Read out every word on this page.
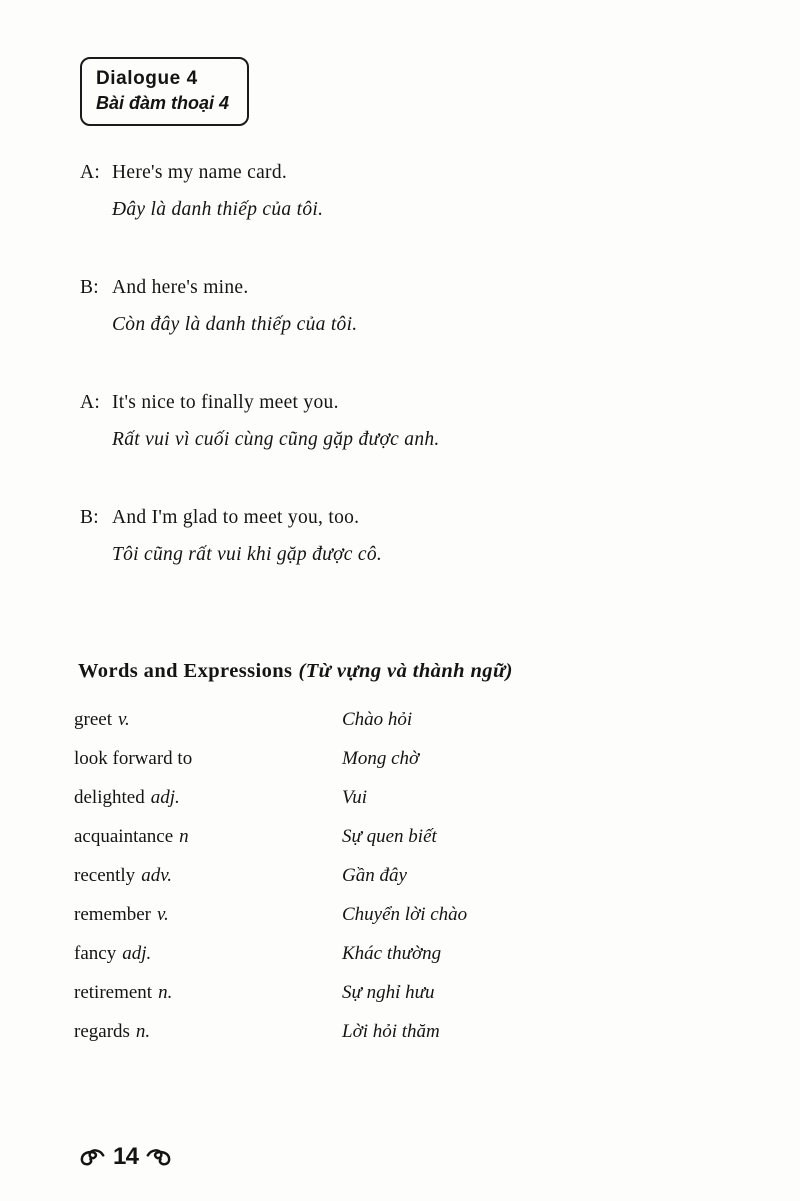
Dialogue 4
Bài đàm thoại 4
A: Here's my name card.
Đây là danh thiếp của tôi.
B: And here's mine.
Còn đây là danh thiếp của tôi.
A: It's nice to finally meet you.
Rất vui vì cuối cùng cũng gặp được anh.
B: And I'm glad to meet you, too.
Tôi cũng rất vui khi gặp được cô.
Words and Expressions (Từ vựng và thành ngữ)
greet v.	Chào hỏi
look forward to	Mong chờ
delighted adj.	Vui
acquaintance n	Sự quen biết
recently adv.	Gần đây
remember v.	Chuyển lời chào
fancy adj.	Khác thường
retirement n.	Sự nghỉ hưu
regards n.	Lời hỏi thăm
14
